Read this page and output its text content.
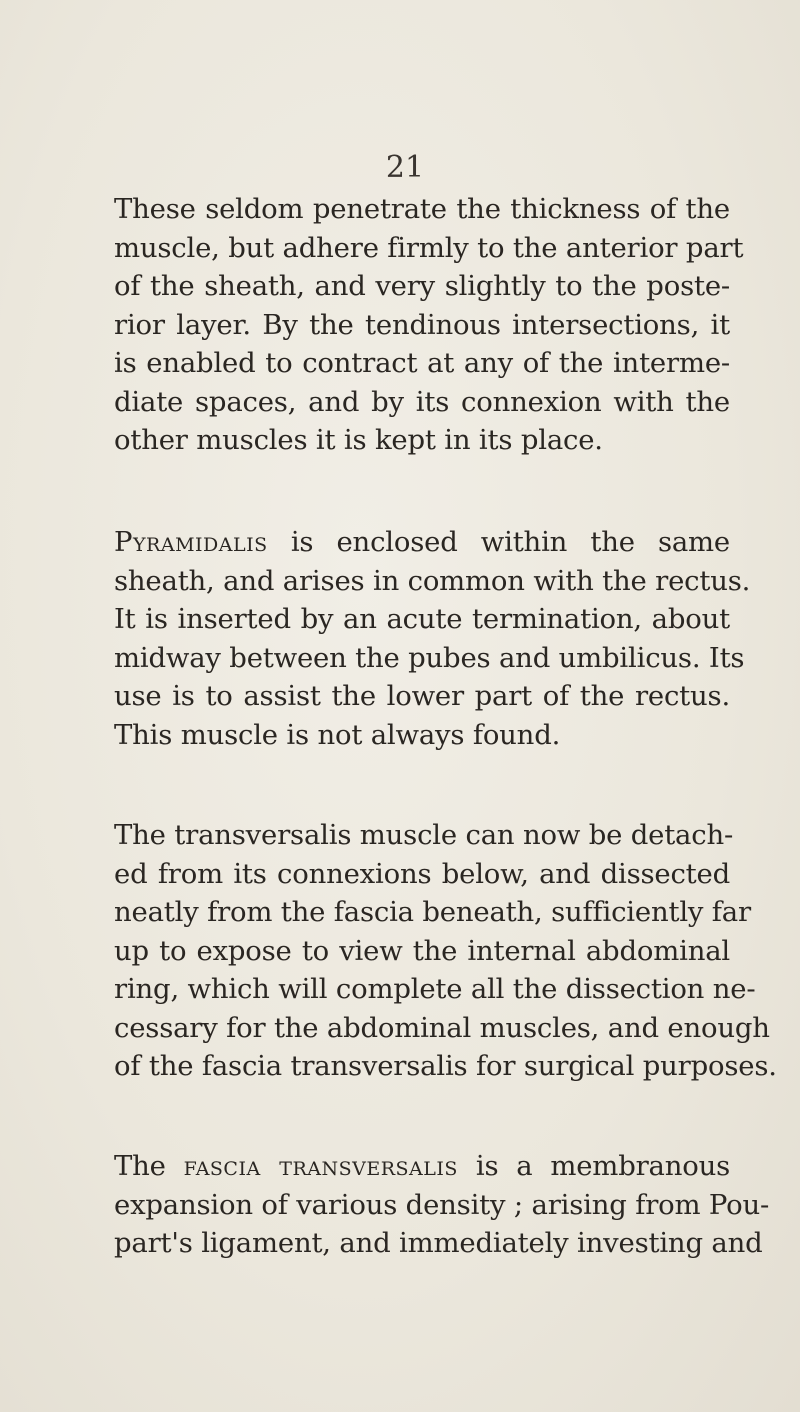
21
These seldom penetrate the thickness of the
muscle, but adhere firmly to the anterior part
of the sheath, and very slightly to the poste-
rior layer. By the tendinous intersections, it
is enabled to contract at any of the interme-
diate spaces, and by its connexion with the
other muscles it is kept in its place.
Pyramidalis is enclosed within the same
sheath, and arises in common with the rectus.
It is inserted by an acute termination, about
midway between the pubes and umbilicus. Its
use is to assist the lower part of the rectus.
This muscle is not always found.
The transversalis muscle can now be detach-
ed from its connexions below, and dissected
neatly from the fascia beneath, sufficiently far
up to expose to view the internal abdominal
ring, which will complete all the dissection ne-
cessary for the abdominal muscles, and enough
of the fascia transversalis for surgical purposes.
The fascia transversalis is a membranous
expansion of various density ; arising from Pou-
part's ligament, and immediately investing and
